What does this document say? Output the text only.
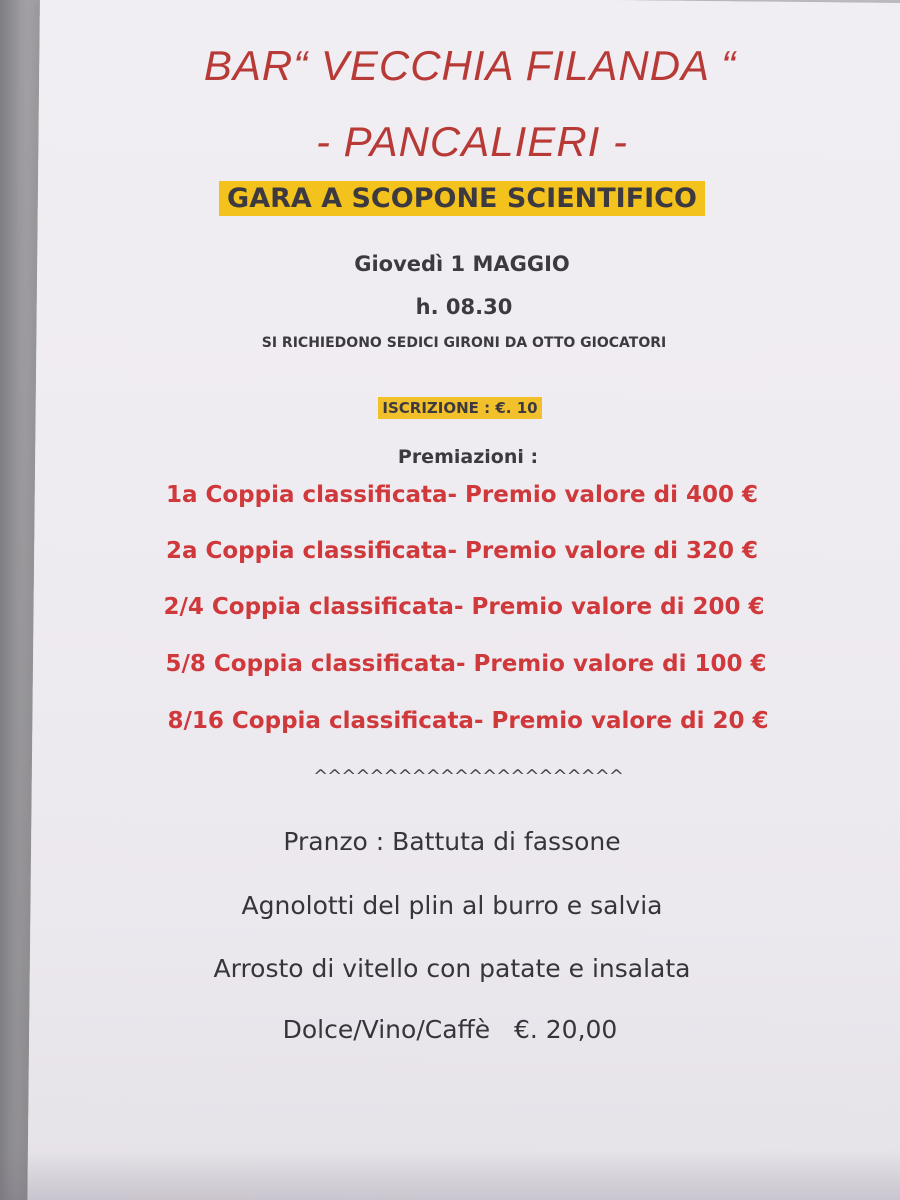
BAR“ VECCHIA FILANDA “
- PANCALIERI -
GARA A SCOPONE SCIENTIFICO
Giovedì 1 MAGGIO
h. 08.30
SI RICHIEDONO SEDICI GIRONI DA OTTO GIOCATORI
ISCRIZIONE : €. 10
Premiazioni :
1a Coppia classificata- Premio valore di 400 €
2a Coppia classificata- Premio valore di 320 €
2/4 Coppia classificata- Premio valore di 200 €
5/8 Coppia classificata- Premio valore di 100 €
8/16 Coppia classificata- Premio valore di 20 €
^^^^^^^^^^^^^^^^^^^^^^
Pranzo : Battuta di fassone
Agnolotti del plin al burro e salvia
Arrosto di vitello con patate e insalata
Dolce/Vino/Caffè   €. 20,00
